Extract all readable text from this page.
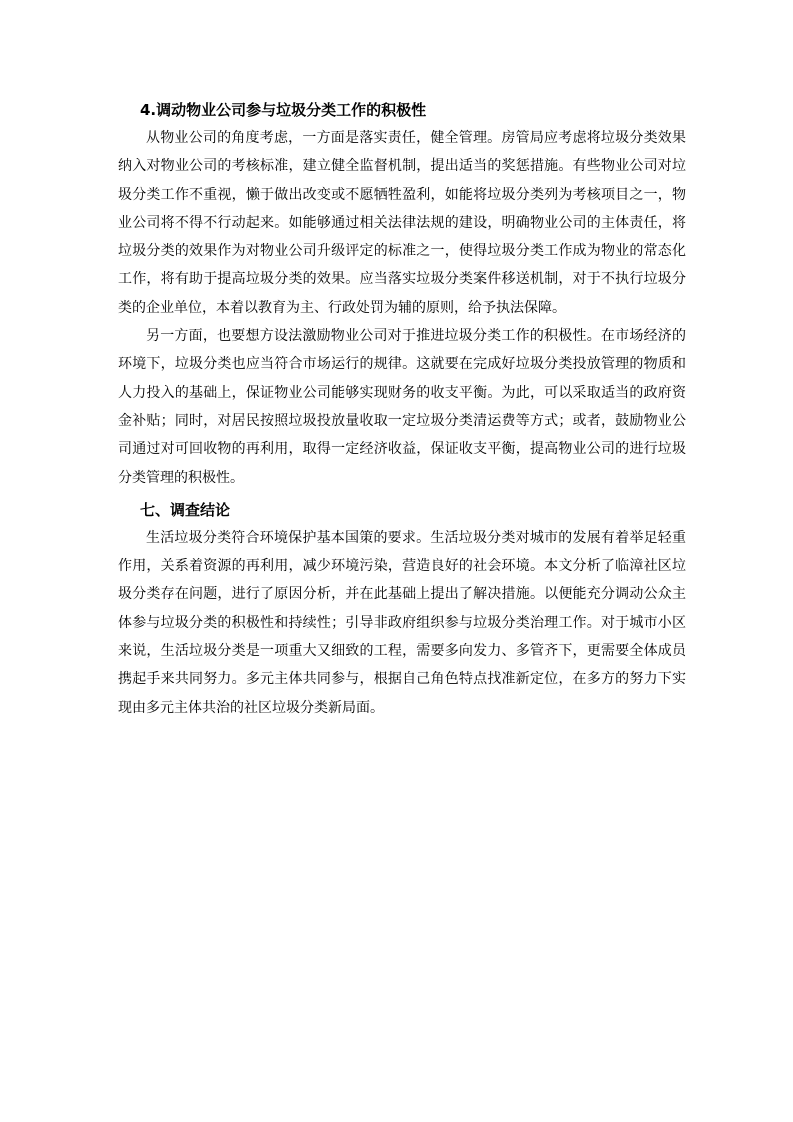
4.调动物业公司参与垃圾分类工作的积极性

从物业公司的角度考虑，一方面是落实责任，健全管理。房管局应考虑将垃圾分类效果纳入对物业公司的考核标准，建立健全监督机制，提出适当的奖惩措施。有些物业公司对垃圾分类工作不重视，懒于做出改变或不愿牺牲盈利，如能将垃圾分类列为考核项目之一，物业公司将不得不行动起来。如能够通过相关法律法规的建设，明确物业公司的主体责任，将垃圾分类的效果作为对物业公司升级评定的标准之一，使得垃圾分类工作成为物业的常态化工作，将有助于提高垃圾分类的效果。应当落实垃圾分类案件移送机制，对于不执行垃圾分类的企业单位，本着以教育为主、行政处罚为辅的原则，给予执法保障。

另一方面，也要想方设法激励物业公司对于推进垃圾分类工作的积极性。在市场经济的环境下，垃圾分类也应当符合市场运行的规律。这就要在完成好垃圾分类投放管理的物质和人力投入的基础上，保证物业公司能够实现财务的收支平衡。为此，可以采取适当的政府资金补贴；同时，对居民按照垃圾投放量收取一定垃圾分类清运费等方式；或者，鼓励物业公司通过对可回收物的再利用，取得一定经济收益，保证收支平衡，提高物业公司的进行垃圾分类管理的积极性。

七、调查结论

生活垃圾分类符合环境保护基本国策的要求。生活垃圾分类对城市的发展有着举足轻重作用，关系着资源的再利用，减少环境污染，营造良好的社会环境。本文分析了临漳社区垃圾分类存在问题，进行了原因分析，并在此基础上提出了解决措施。以便能充分调动公众主体参与垃圾分类的积极性和持续性；引导非政府组织参与垃圾分类治理工作。对于城市小区来说，生活垃圾分类是一项重大又细致的工程，需要多向发力、多管齐下，更需要全体成员携起手来共同努力。多元主体共同参与，根据自己角色特点找准新定位，在多方的努力下实现由多元主体共治的社区垃圾分类新局面。
